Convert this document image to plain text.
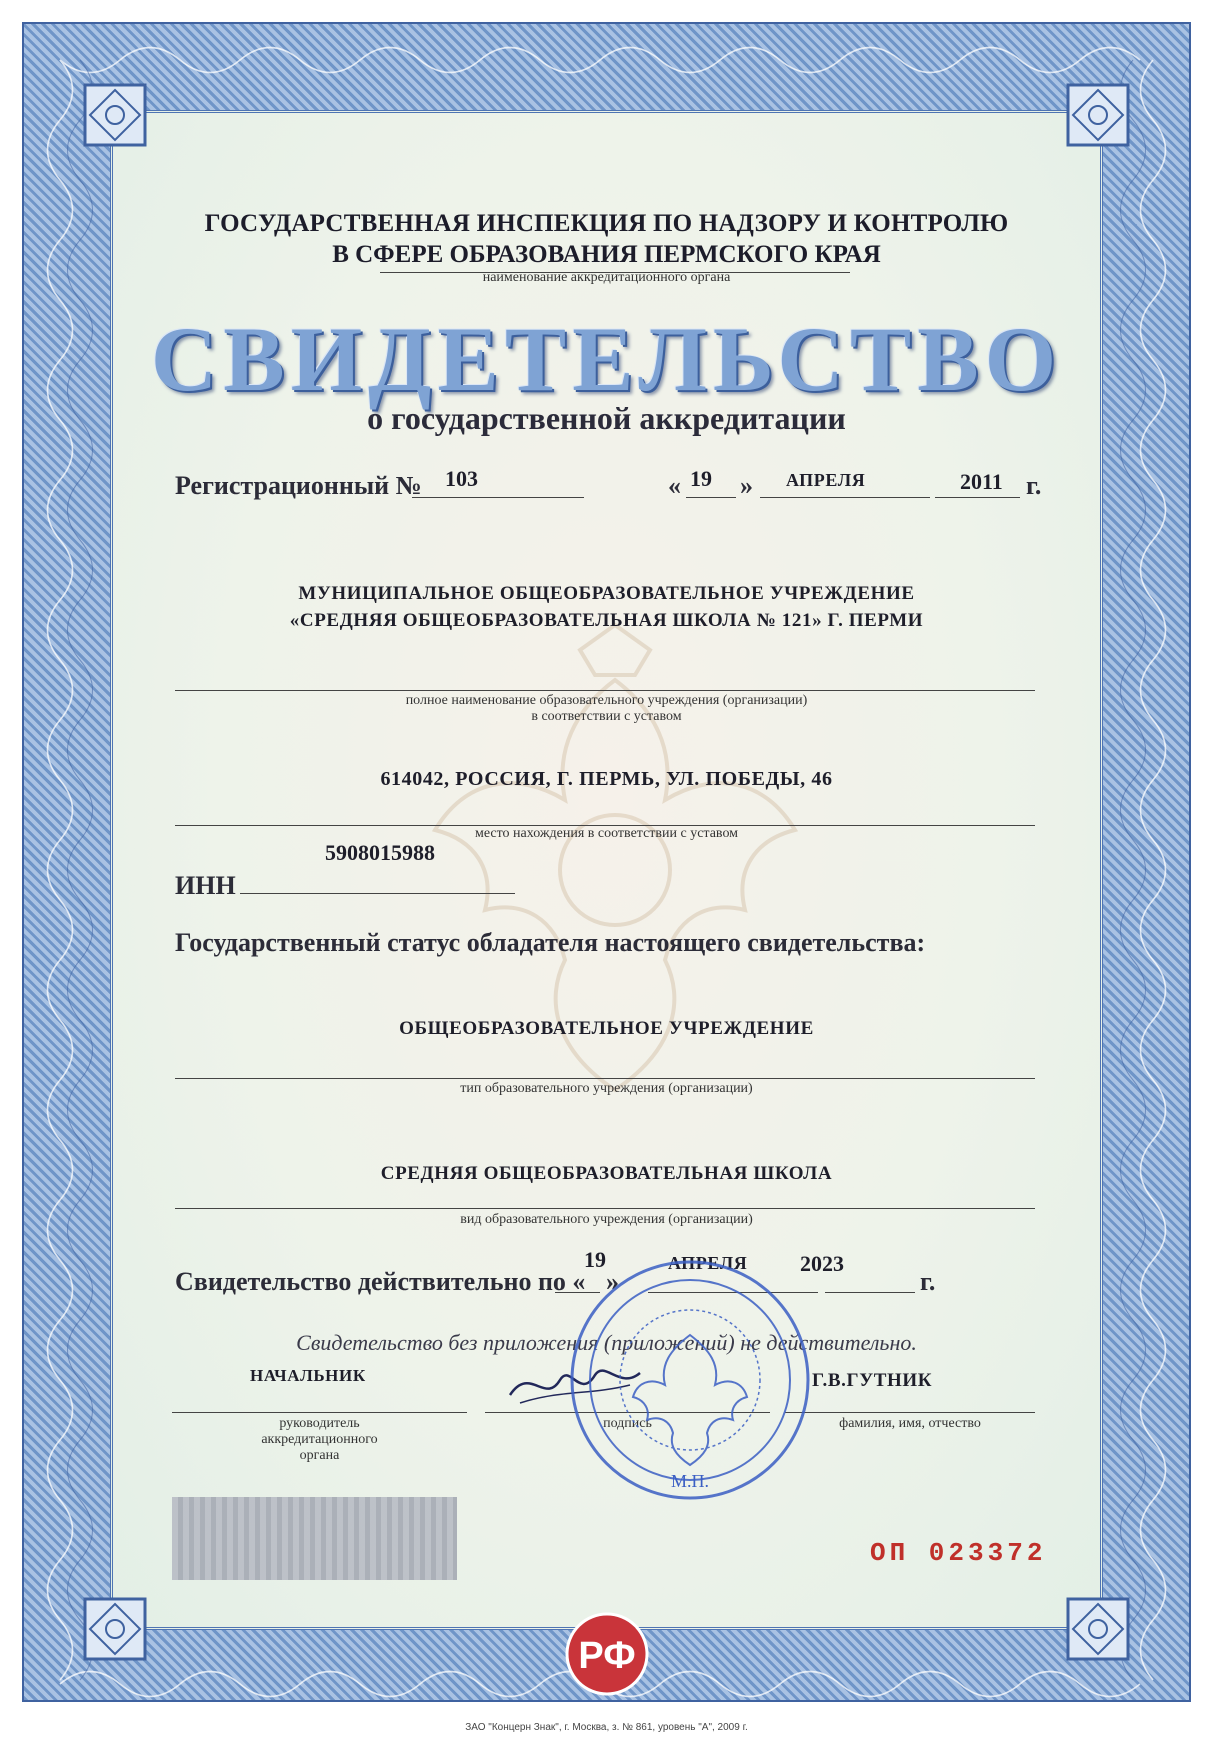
ГОСУДАРСТВЕННАЯ ИНСПЕКЦИЯ ПО НАДЗОРУ И КОНТРОЛЮ
В СФЕРЕ ОБРАЗОВАНИЯ ПЕРМСКОГО КРАЯ
наименование аккредитационного органа
СВИДЕТЕЛЬСТВО
о государственной аккредитации
Регистрационный № 103	« 19 » АПРЕЛЯ	2011 г.
МУНИЦИПАЛЬНОЕ ОБЩЕОБРАЗОВАТЕЛЬНОЕ УЧРЕЖДЕНИЕ
«СРЕДНЯЯ ОБЩЕОБРАЗОВАТЕЛЬНАЯ ШКОЛА № 121» Г. ПЕРМИ
полное наименование образовательного учреждения (организации)
в соответствии с уставом
614042, РОССИЯ, Г. ПЕРМЬ, УЛ. ПОБЕДЫ, 46
место нахождения в соответствии с уставом
5908015988
ИНН
Государственный статус обладателя настоящего свидетельства:
ОБЩЕОБРАЗОВАТЕЛЬНОЕ УЧРЕЖДЕНИЕ
тип образовательного учреждения (организации)
СРЕДНЯЯ ОБЩЕОБРАЗОВАТЕЛЬНАЯ ШКОЛА
вид образовательного учреждения (организации)
Свидетельство действительно по «
19
»
АПРЕЛЯ 2023
г.
Свидетельство без приложения (приложений) не действительно.
НАЧАЛЬНИК	Г.В.ГУТНИК
руководитель
аккредитационного
органа
подпись	фамилия, имя, отчество
М.П.
ОП 023372
РФ
ЗАО "Концерн Знак", г. Москва, з. № 861, уровень "А", 2009 г.
